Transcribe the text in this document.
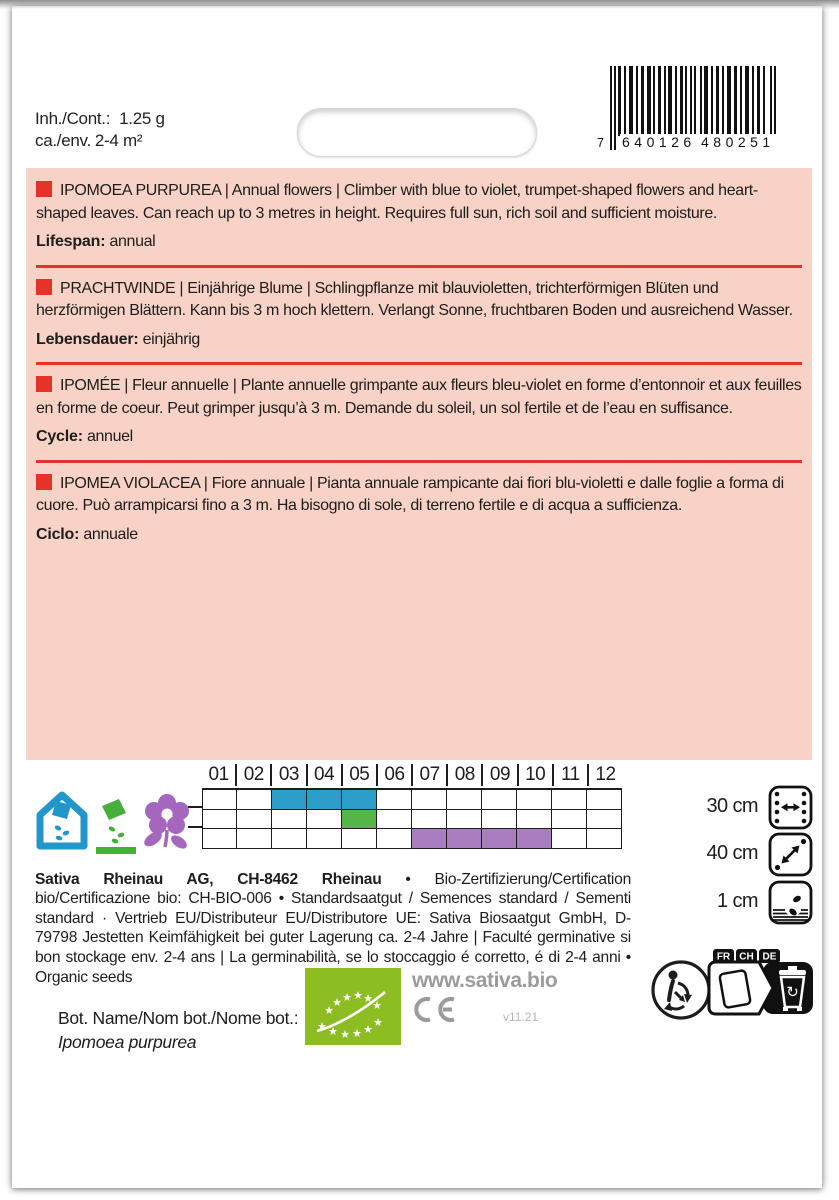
Inh./Cont.: 1.25 g
ca./env. 2-4 m²	7 640126 480251

IPOMOEA PURPUREA | Annual flowers | Climber with blue to violet, trumpet-shaped flowers and heart-shaped leaves. Can reach up to 3 metres in height. Requires full sun, rich soil and sufficient moisture.

Lifespan: annual

PRACHTWINDE | Einjährige Blume | Schlingpflanze mit blauvioletten, trichterförmigen Blüten und herzförmigen Blättern. Kann bis 3 m hoch klettern. Verlangt Sonne, fruchtbaren Boden und ausreichend Wasser.

Lebensdauer: einjährig

IPOMÉE | Fleur annuelle | Plante annuelle grimpante aux fleurs bleu-violet en forme d’entonnoir et aux feuilles en forme de coeur. Peut grimper jusqu’à 3 m. Demande du soleil, un sol fertile et de l’eau en suffisance.

Cycle: annuel

IPOMEA VIOLACEA | Fiore annuale | Pianta annuale rampicante dai fiori blu-violetti e dalle foglie a forma di cuore. Può arrampicarsi fino a 3 m. Ha bisogno di sole, di terreno fertile e di acqua a sufficienza.

Ciclo: annuale

01 02 03 04 05 06 07 08 09 10 11 12
30 cm
40 cm
1 cm

Sativa Rheinau AG, CH-8462 Rheinau • Bio-Zertifizierung/Certification bio/Certificazione bio: CH-BIO-006 • Standardsaatgut / Semences standard / Sementi standard · Vertrieb EU/Distributeur EU/Distributore UE: Sativa Biosaatgut GmbH, D-79798 Jestetten Keimfähigkeit bei guter Lagerung ca. 2-4 Jahre | Faculté germinative si bon stockage env. 2-4 ans | La germinabilità, se lo stoccaggio é corretto, é di 2-4 anni • Organic seeds

Bot. Name/Nom bot./Nome bot.:
Ipomoea purpurea
★ ★ ★ ★ ★
★
★
★ ★ ★ ★
★
www.sativa.bio
v11.21
FR CH DE
↻
